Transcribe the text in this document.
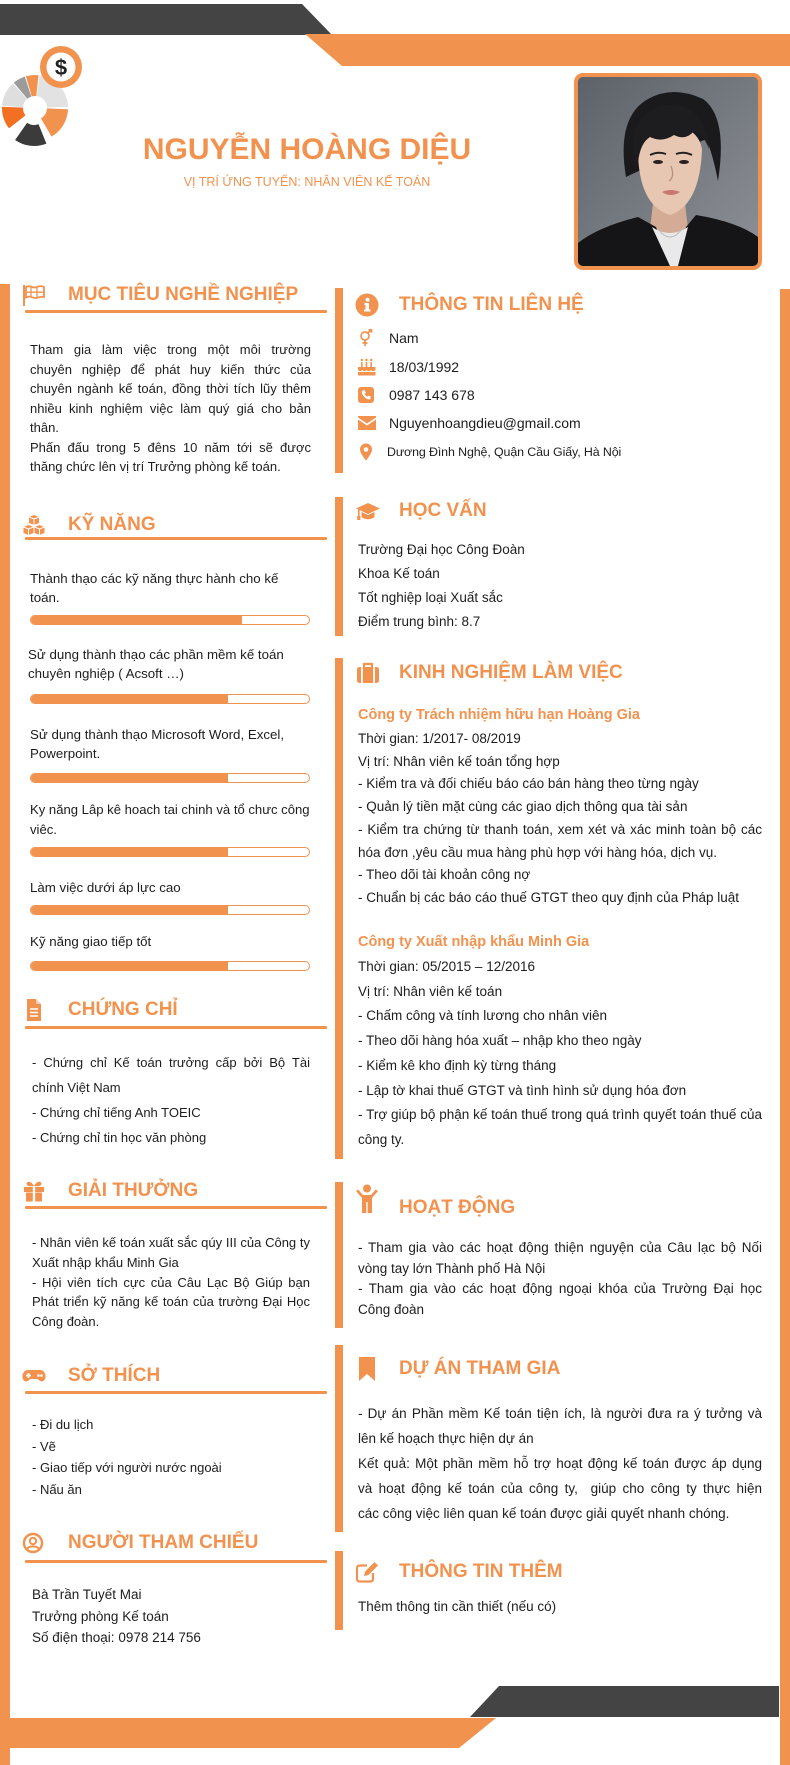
$
NGUYỄN HOÀNG DIỆU
VỊ TRÍ ỨNG TUYỂN: NHÂN VIÊN KẾ TOÁN
MỤC TIÊU NGHỀ NGHIỆP
Tham gia làm việc trong một môi trường
chuyên nghiệp để phát huy kiến thức của
chuyên ngành kế toán, đồng thời tích lũy thêm
nhiều kinh nghiệm việc làm quý giá cho bản
thân.
Phấn đấu trong 5 đêns 10 năm tới sẽ được
thăng chức lên vị trí Trưởng phòng kế toán.
KỸ NĂNG
Thành thạo các kỹ năng thực hành cho kế
toán.
Sử dụng thành thạo các phần mềm kế toán
chuyên nghiệp ( Acsoft …)
Sử dụng thành thạo Microsoft Word, Excel,
Powerpoint.
Ky năng Lâp kê hoach tai chinh và tổ chưc công
viêc.
Làm việc dưới áp lực cao
Kỹ năng giao tiếp tốt
CHỨNG CHỈ
- Chứng chỉ Kế toán trưởng cấp bởi Bộ Tài
chính Việt Nam
- Chứng chỉ tiếng Anh TOEIC
- Chứng chỉ tin học văn phòng
GIẢI THƯỞNG
- Nhân viên kế toán xuất sắc qúy III của Công ty
Xuất nhập khẩu Minh Gia
- Hội viên tích cực của Câu Lạc Bộ Giúp bạn
Phát triển kỹ năng kế toán của trường Đại Học
Công đoàn.
SỞ THÍCH
- Đi du lịch
- Vẽ
- Giao tiếp với người nước ngoài
- Nấu ăn
NGƯỜI THAM CHIẾU
Bà Trần Tuyết Mai
Trưởng phòng Kế toán
Số điện thoại: 0978 214 756
THÔNG TIN LIÊN HỆ
Nam
18/03/1992
0987 143 678
Nguyenhoangdieu@gmail.com
Dương Đình Nghệ, Quận Cầu Giấy, Hà Nội
HỌC VẤN
Trường Đại học Công Đoàn
Khoa Kế toán
Tốt nghiệp loại Xuất sắc
Điểm trung bình: 8.7
KINH NGHIỆM LÀM VIỆC
Công ty Trách nhiệm hữu hạn Hoàng Gia
Thời gian: 1/2017- 08/2019
Vị trí: Nhân viên kế toán tổng hợp
- Kiểm tra và đối chiếu báo cáo bán hàng theo từng ngày
- Quản lý tiền mặt cùng các giao dịch thông qua tài sản
- Kiểm tra chứng từ thanh toán, xem xét và xác minh toàn bộ các
hóa đơn ,yêu cầu mua hàng phù hợp với hàng hóa, dịch vụ.
- Theo dõi tài khoản công nợ
- Chuẩn bị các báo cáo thuế GTGT theo quy định của Pháp luật
Công ty Xuất nhập khẩu Minh Gia
Thời gian: 05/2015 – 12/2016
Vị trí: Nhân viên kế toán
- Chấm công và tính lương cho nhân viên
- Theo dõi hàng hóa xuất – nhập kho theo ngày
- Kiểm kê kho định kỳ từng tháng
- Lập tờ khai thuế GTGT và tình hình sử dụng hóa đơn
- Trợ giúp bộ phận kế toán thuế trong quá trình quyết toán thuế của
công ty.
HOẠT ĐỘNG
- Tham gia vào các hoạt động thiện nguyện của Câu lạc bộ Nối
vòng tay lớn Thành phố Hà Nội
- Tham gia vào các hoạt động ngoại khóa của Trường Đại học
Công đoàn
DỰ ÁN THAM GIA
- Dự án Phần mềm Kế toán tiện ích, là người đưa ra ý tưởng và
lên kế hoạch thực hiện dự án
Kết quả: Một phần mềm hỗ trợ hoạt động kế toán được áp dụng
và hoạt động kế toán của công ty,  giúp cho công ty thực hiện
các công việc liên quan kế toán được giải quyết nhanh chóng.
THÔNG TIN THÊM
Thêm thông tin cần thiết (nếu có)
